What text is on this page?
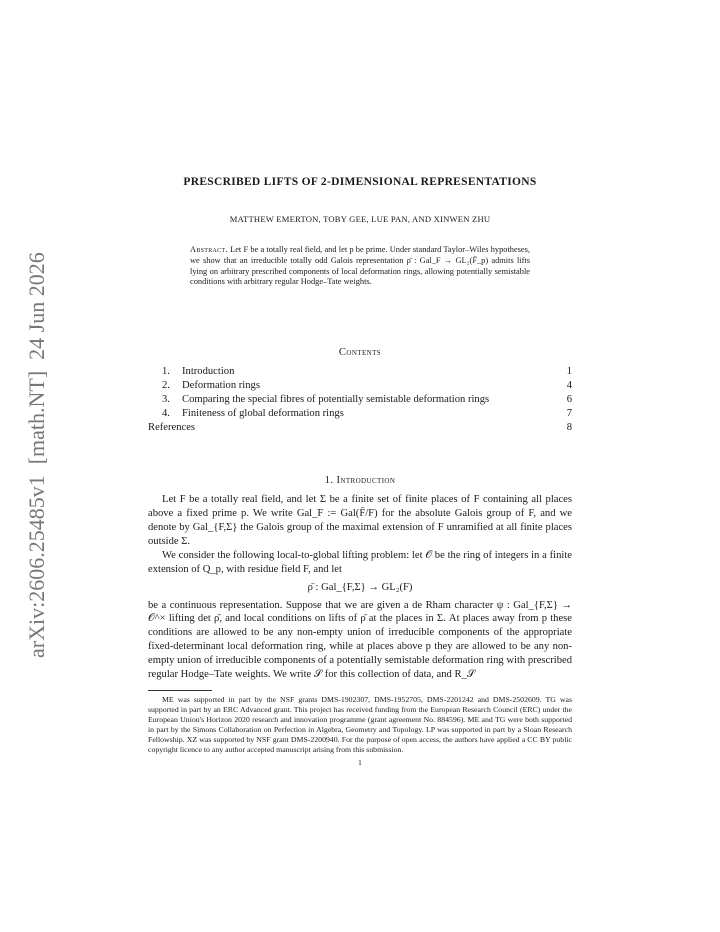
arXiv:2606.25485v1  [math.NT]  24 Jun 2026
PRESCRIBED LIFTS OF 2-DIMENSIONAL REPRESENTATIONS
MATTHEW EMERTON, TOBY GEE, LUE PAN, AND XINWEN ZHU
Abstract. Let F be a totally real field, and let p be prime. Under standard Taylor–Wiles hypotheses, we show that an irreducible totally odd Galois representation ρ̄ : Gal_F → GL₂(F̄_p) admits lifts lying on arbitrary prescribed components of local deformation rings, allowing potentially semistable conditions with arbitrary regular Hodge–Tate weights.
Contents
1. Introduction	1
2. Deformation rings	4
3. Comparing the special fibres of potentially semistable deformation rings	6
4. Finiteness of global deformation rings	7
References	8
1. Introduction

Let F be a totally real field, and let Σ be a finite set of finite places of F containing all places above a fixed prime p. We write Gal_F := Gal(F̄/F) for the absolute Galois group of F, and we denote by Gal_{F,Σ} the Galois group of the maximal extension of F unramified at all finite places outside Σ.

We consider the following local-to-global lifting problem: let 𝒪 be the ring of integers in a finite extension of Q_p, with residue field F, and let

ρ̄ : Gal_{F,Σ} → GL₂(F)

be a continuous representation. Suppose that we are given a de Rham character ψ : Gal_{F,Σ} → 𝒪^× lifting det ρ̄, and local conditions on lifts of ρ̄ at the places in Σ. At places away from p these conditions are allowed to be any non-empty union of irreducible components of the appropriate fixed-determinant local deformation ring, while at places above p they are allowed to be any non-empty union of irreducible components of a potentially semistable deformation ring with prescribed regular Hodge–Tate weights. We write 𝒮 for this collection of data, and R_𝒮

ME was supported in part by the NSF grants DMS-1902307, DMS-1952705, DMS-2201242 and DMS-2502609. TG was supported in part by an ERC Advanced grant. This project has received funding from the European Research Council (ERC) under the European Union's Horizon 2020 research and innovation programme (grant agreement No. 884596). ME and TG were both supported in part by the Simons Collaboration on Perfection in Algebra, Geometry and Topology. LP was supported in part by a Sloan Research Fellowship. XZ was supported by NSF grant DMS-2200940. For the purpose of open access, the authors have applied a CC BY public copyright licence to any author accepted manuscript arising from this submission.
1
